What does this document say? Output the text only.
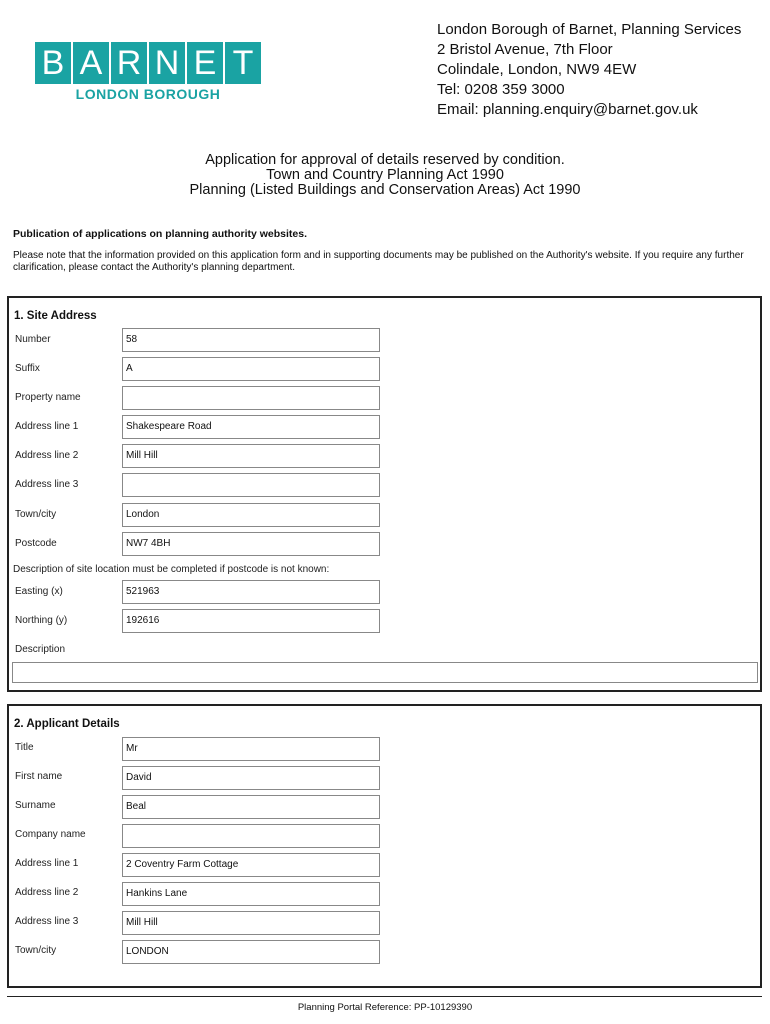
B A R N E T
LONDON BOROUGH
London Borough of Barnet, Planning Services
2 Bristol Avenue, 7th Floor
Colindale, London, NW9 4EW
Tel: 0208 359 3000
Email: planning.enquiry@barnet.gov.uk
Application for approval of details reserved by condition.
Town and Country Planning Act 1990
Planning (Listed Buildings and Conservation Areas) Act 1990
Publication of applications on planning authority websites.
Please note that the information provided on this application form and in supporting documents may be published on the Authority's website. If you require any further clarification, please contact the Authority's planning department.
1. Site Address
Number	58
Suffix	A
Property name
Address line 1	Shakespeare Road
Address line 2	Mill Hill
Address line 3
Town/city	London
Postcode	NW7 4BH
Description of site location must be completed if postcode is not known:
Easting (x)	521963
Northing (y)	192616
Description
2. Applicant Details
Title	Mr
First name	David
Surname	Beal
Company name
Address line 1	2 Coventry Farm Cottage
Address line 2	Hankins Lane
Address line 3	Mill Hill
Town/city	LONDON
Planning Portal Reference: PP-10129390
